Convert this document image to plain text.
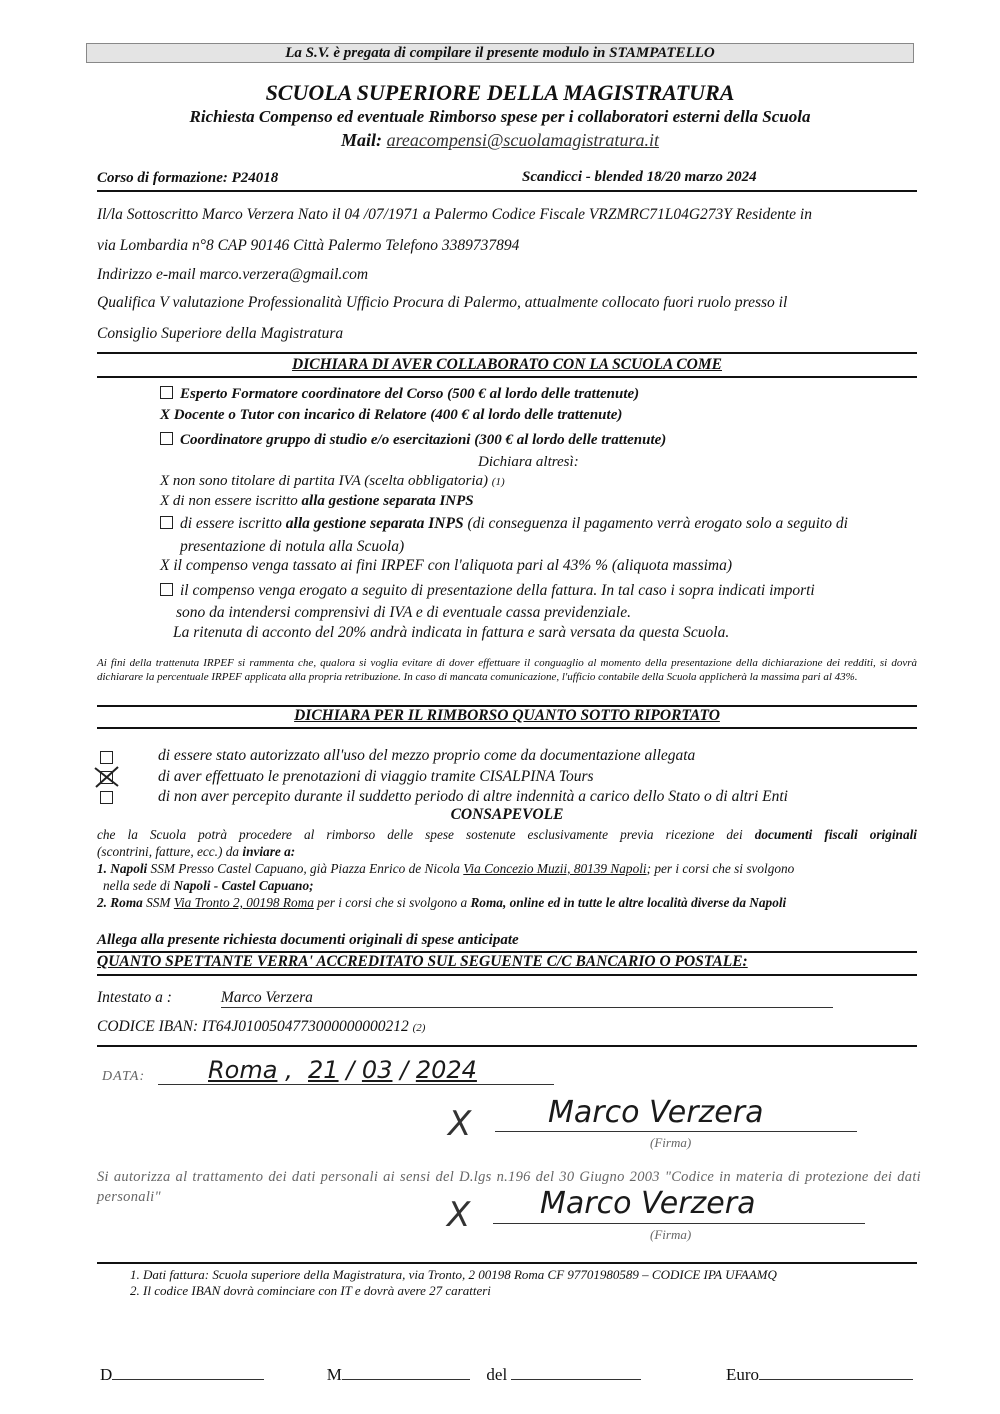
La S.V. è pregata di compilare il presente modulo in STAMPATELLO
SCUOLA SUPERIORE DELLA MAGISTRATURA
Richiesta Compenso ed eventuale Rimborso spese per i collaboratori esterni della Scuola
Mail: areacompensi@scuolamagistratura.it
Corso di formazione: P24018	Scandicci - blended 18/20 marzo 2024
Il/la Sottoscritto Marco Verzera Nato il 04 /07/1971 a Palermo Codice Fiscale VRZMRC71L04G273Y Residente in
via Lombardia n°8 CAP 90146 Città Palermo Telefono 3389737894
Indirizzo e-mail marco.verzera@gmail.com
Qualifica V valutazione Professionalità Ufficio Procura di Palermo, attualmente collocato fuori ruolo presso il
Consiglio Superiore della Magistratura
DICHIARA DI AVER COLLABORATO CON LA SCUOLA COME
Esperto Formatore coordinatore del Corso (500 € al lordo delle trattenute)
X Docente o Tutor con incarico di Relatore (400 € al lordo delle trattenute)
Coordinatore gruppo di studio e/o esercitazioni (300 € al lordo delle trattenute)
Dichiara altresì:
X non sono titolare di partita IVA (scelta obbligatoria) (1)
X di non essere iscritto alla gestione separata INPS
di essere iscritto alla gestione separata INPS (di conseguenza il pagamento verrà erogato solo a seguito di
presentazione di notula alla Scuola)
X il compenso venga tassato ai fini IRPEF con l'aliquota pari al 43% % (aliquota massima)
il compenso venga erogato a seguito di presentazione della fattura. In tal caso i sopra indicati importi
sono da intendersi comprensivi di IVA e di eventuale cassa previdenziale.
La ritenuta di acconto del 20% andrà indicata in fattura e sarà versata da questa Scuola.
Ai fini della trattenuta IRPEF si rammenta che, qualora si voglia evitare di dover effettuare il conguaglio al momento della presentazione della dichiarazione dei redditi, si dovrà dichiarare la percentuale IRPEF applicata alla propria retribuzione. In caso di mancata comunicazione, l'ufficio contabile della Scuola applicherà la massima pari al 43%.
DICHIARA PER IL RIMBORSO QUANTO SOTTO RIPORTATO
di essere stato autorizzato all'uso del mezzo proprio come da documentazione allegata
di aver effettuato le prenotazioni di viaggio tramite CISALPINA Tours
di non aver percepito durante il suddetto periodo di altre indennità a carico dello Stato o di altri Enti
CONSAPEVOLE
che la Scuola potrà procedere al rimborso delle spese sostenute esclusivamente previa ricezione dei documenti fiscali originali
(scontrini, fatture, ecc.) da inviare a:
1. Napoli SSM Presso Castel Capuano, già Piazza Enrico de Nicola Via Concezio Muzii, 80139 Napoli; per i corsi che si svolgono
nella sede di Napoli - Castel Capuano;
2. Roma SSM Via Tronto 2, 00198 Roma per i corsi che si svolgono a Roma, online ed in tutte le altre località diverse da Napoli
Allega alla presente richiesta documenti originali di spese anticipate
QUANTO SPETTANTE VERRA' ACCREDITATO SUL SEGUENTE C/C BANCARIO O POSTALE:
Intestato a :	Marco Verzera
CODICE IBAN: IT64J0100504773000000000212 (2)
DATA:	Roma , 21 / 03 / 2024
X	Marco Verzera
(Firma)
Si autorizza al trattamento dei dati personali ai sensi del D.lgs n.196 del 30 Giugno 2003 "Codice in materia di protezione dei dati personali"	X Marco Verzera
(Firma)
1. Dati fattura: Scuola superiore della Magistratura, via Tronto, 2 00198 Roma CF 97701980589 – CODICE IPA UFAAMQ
2. Il codice IBAN dovrà cominciare con IT e dovrà avere 27 caratteri
D	M	del	Euro
